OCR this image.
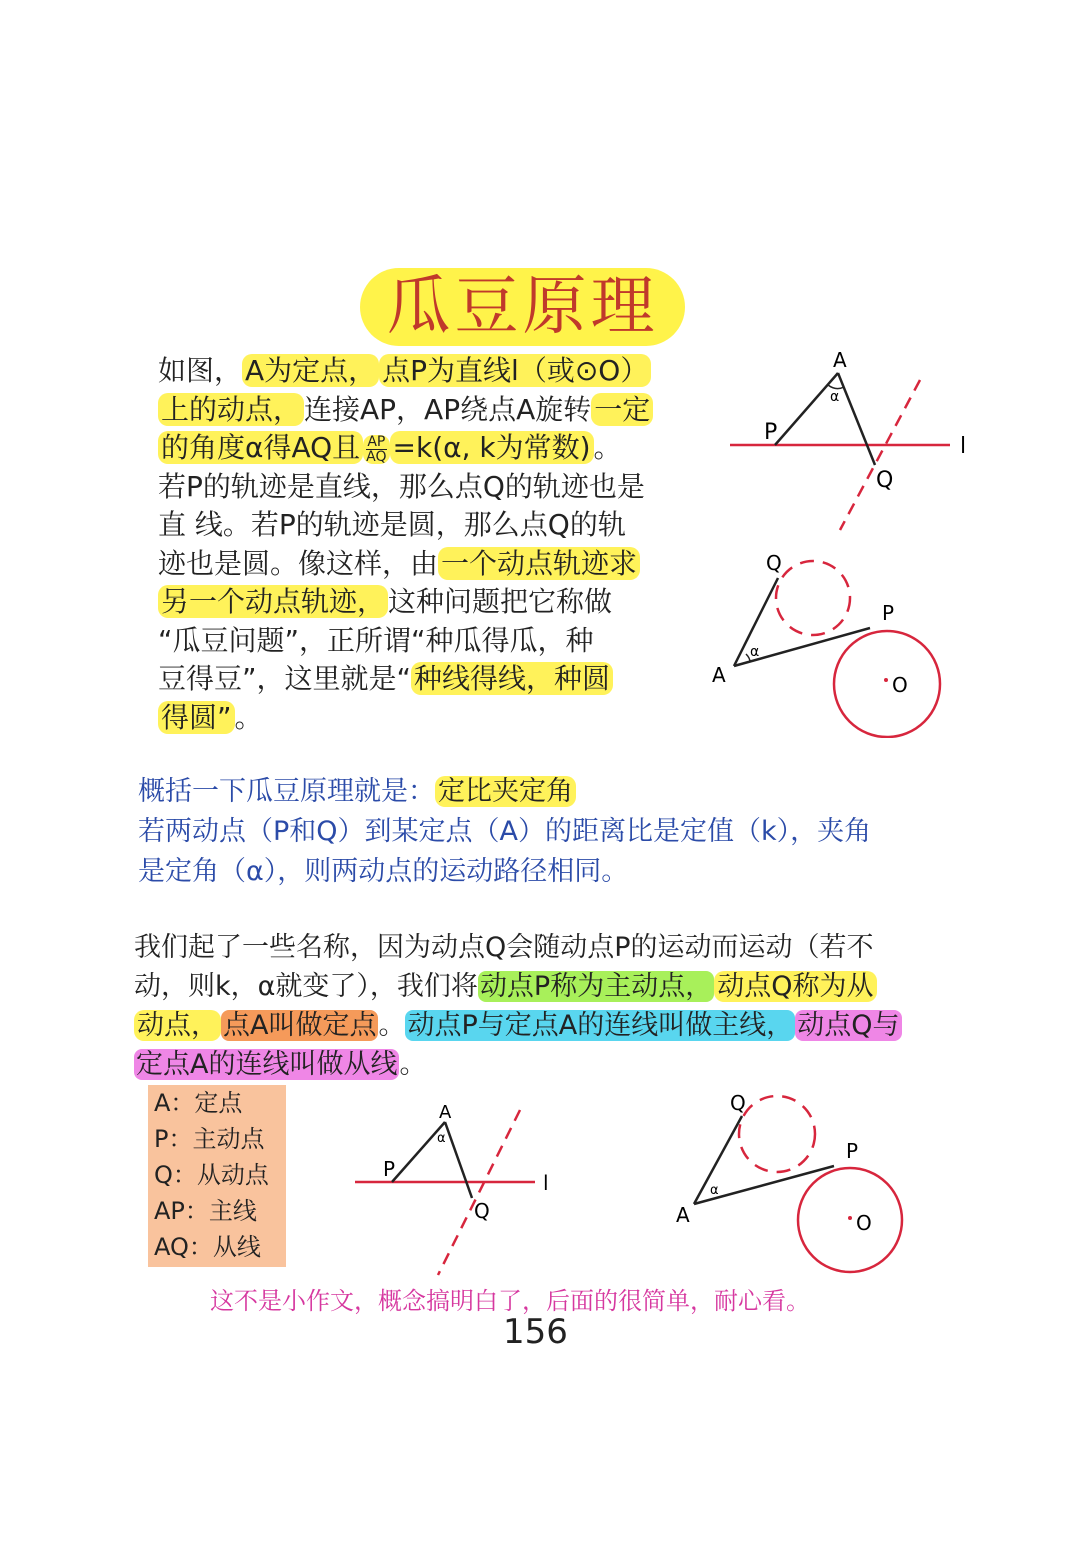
瓜豆原理
如图， A为定点， 点P为直线l（或⊙O）
上的动点， 连接AP，AP绕点A旋转 一定
的角度α得AQ且 $\frac{AP}{AQ} =k(\alpha$, k为常数) 。
若P的轨迹是直线，那么点Q的轨迹也是
直 线。若P的轨迹是圆，那么点Q的轨
迹也是圆。像这样，由 一个动点轨迹求
另一个动点轨迹， 这种问题把它称做
“瓜豆问题”，正所谓“种瓜得瓜，种
豆得豆”，这里就是“ 种线得线，种圆
得圆” 。
A
α
P
Q
l
Q
P
A
α
O
概括一下瓜豆原理就是： 定比夹定角
若两动点（P和Q）到某定点（A）的距离比是定值（k），夹角
是定角（α），则两动点的运动路径相同。
我们起了一些名称，因为动点Q会随动点P的运动而运动（若不
动，则k，α就变了），我们将动点P称为主动点， 动点Q称为从
动点， 点A叫做定点。动点P与定点A的连线叫做主线， 动点Q与
定点A的连线叫做从线。
A：定点
P：主动点
Q：从动点
AP：主线
AQ：从线
A
α
P
Q
l
Q
P
A
α
O
这不是小作文，概念搞明白了，后面的很简单，耐心看。
156
